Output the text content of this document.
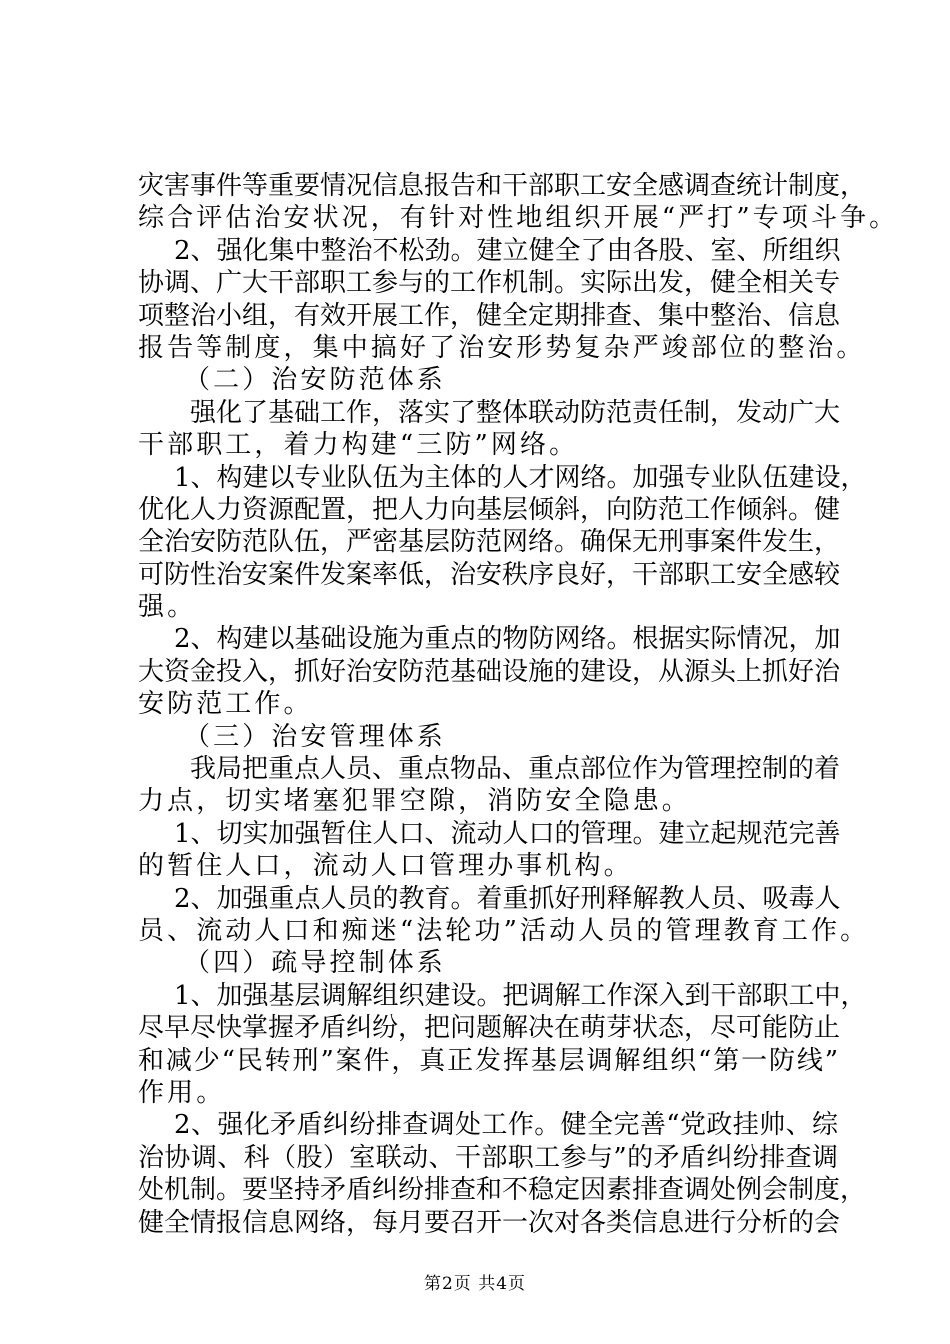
灾害事件等重要情况信息报告和干部职工安全感调查统计制度，
综合评估治安状况，有针对性地组织开展“严打”专项斗争。
2、强化集中整治不松劲。建立健全了由各股、室、所组织
协调、广大干部职工参与的工作机制。实际出发，健全相关专
项整治小组，有效开展工作，健全定期排查、集中整治、信息
报告等制度，集中搞好了治安形势复杂严竣部位的整治。
（二）治安防范体系
强化了基础工作，落实了整体联动防范责任制，发动广大
干部职工，着力构建“三防”网络。
1、构建以专业队伍为主体的人才网络。加强专业队伍建设，
优化人力资源配置，把人力向基层倾斜，向防范工作倾斜。健
全治安防范队伍，严密基层防范网络。确保无刑事案件发生，
可防性治安案件发案率低，治安秩序良好，干部职工安全感较
强。
2、构建以基础设施为重点的物防网络。根据实际情况，加
大资金投入，抓好治安防范基础设施的建设，从源头上抓好治
安防范工作。
（三）治安管理体系
我局把重点人员、重点物品、重点部位作为管理控制的着
力点，切实堵塞犯罪空隙，消防安全隐患。
1、切实加强暂住人口、流动人口的管理。建立起规范完善
的暂住人口，流动人口管理办事机构。
2、加强重点人员的教育。着重抓好刑释解教人员、吸毒人
员、流动人口和痴迷“法轮功”活动人员的管理教育工作。
（四）疏导控制体系
1、加强基层调解组织建设。把调解工作深入到干部职工中，
尽早尽快掌握矛盾纠纷，把问题解决在萌芽状态，尽可能防止
和减少“民转刑”案件，真正发挥基层调解组织“第一防线”
作用。
2、强化矛盾纠纷排查调处工作。健全完善“党政挂帅、综
治协调、科（股）室联动、干部职工参与”的矛盾纠纷排查调
处机制。要坚持矛盾纠纷排查和不稳定因素排查调处例会制度，
健全情报信息网络，每月要召开一次对各类信息进行分析的会
第2页 共4页
